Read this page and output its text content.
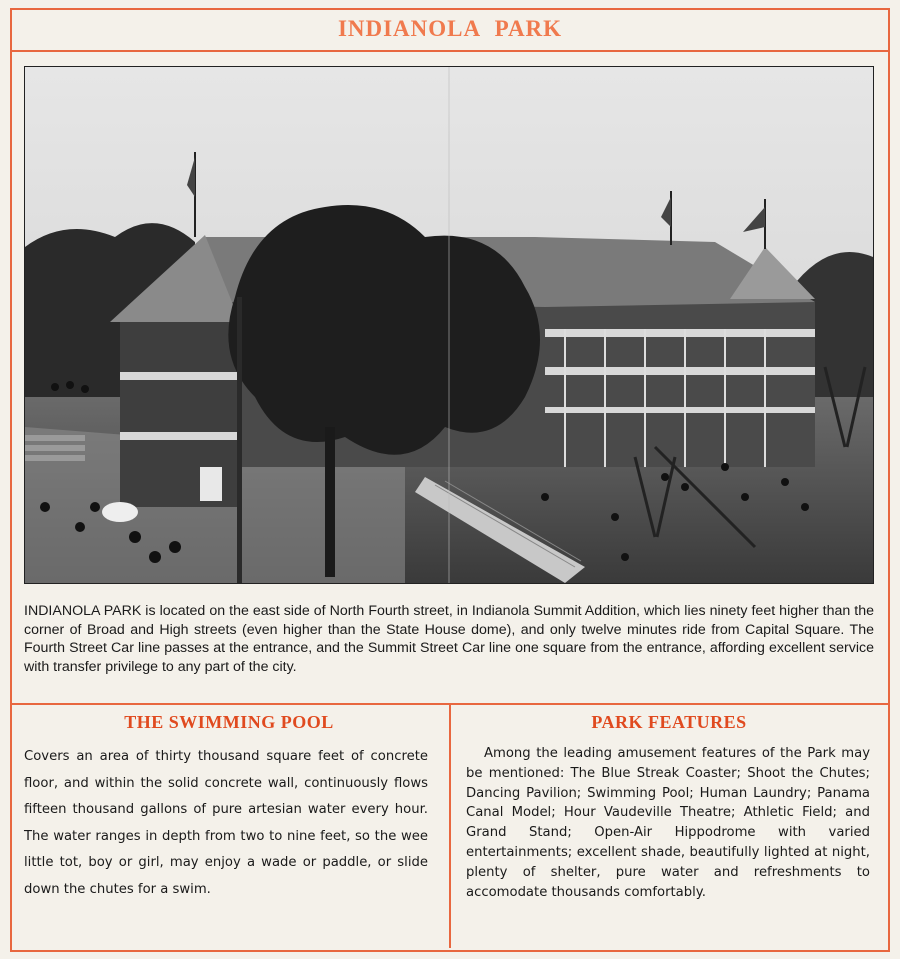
INDIANOLA PARK

INDIANOLA PARK is located on the east side of North Fourth street, in Indianola Summit Addition, which lies ninety feet higher than the corner of Broad and High streets (even higher than the State House dome), and only twelve minutes ride from Capital Square. The Fourth Street Car line passes at the entrance, and the Summit Street Car line one square from the entrance, affording excellent service with transfer privilege to any part of the city.

THE SWIMMING POOL

Covers an area of thirty thousand square feet of concrete floor, and within the solid concrete wall, continuously flows fifteen thousand gallons of pure artesian water every hour. The water ranges in depth from two to nine feet, so the wee little tot, boy or girl, may enjoy a wade or paddle, or slide down the chutes for a swim.

PARK FEATURES

Among the leading amusement features of the Park may be mentioned: The Blue Streak Coaster; Shoot the Chutes; Dancing Pavilion; Swimming Pool; Human Laundry; Panama Canal Model; Hour Vaudeville Theatre; Athletic Field; and Grand Stand; Open-Air Hippodrome with varied entertainments; excellent shade, beautifully lighted at night, plenty of shelter, pure water and refreshments to accomodate thousands comfortably.
